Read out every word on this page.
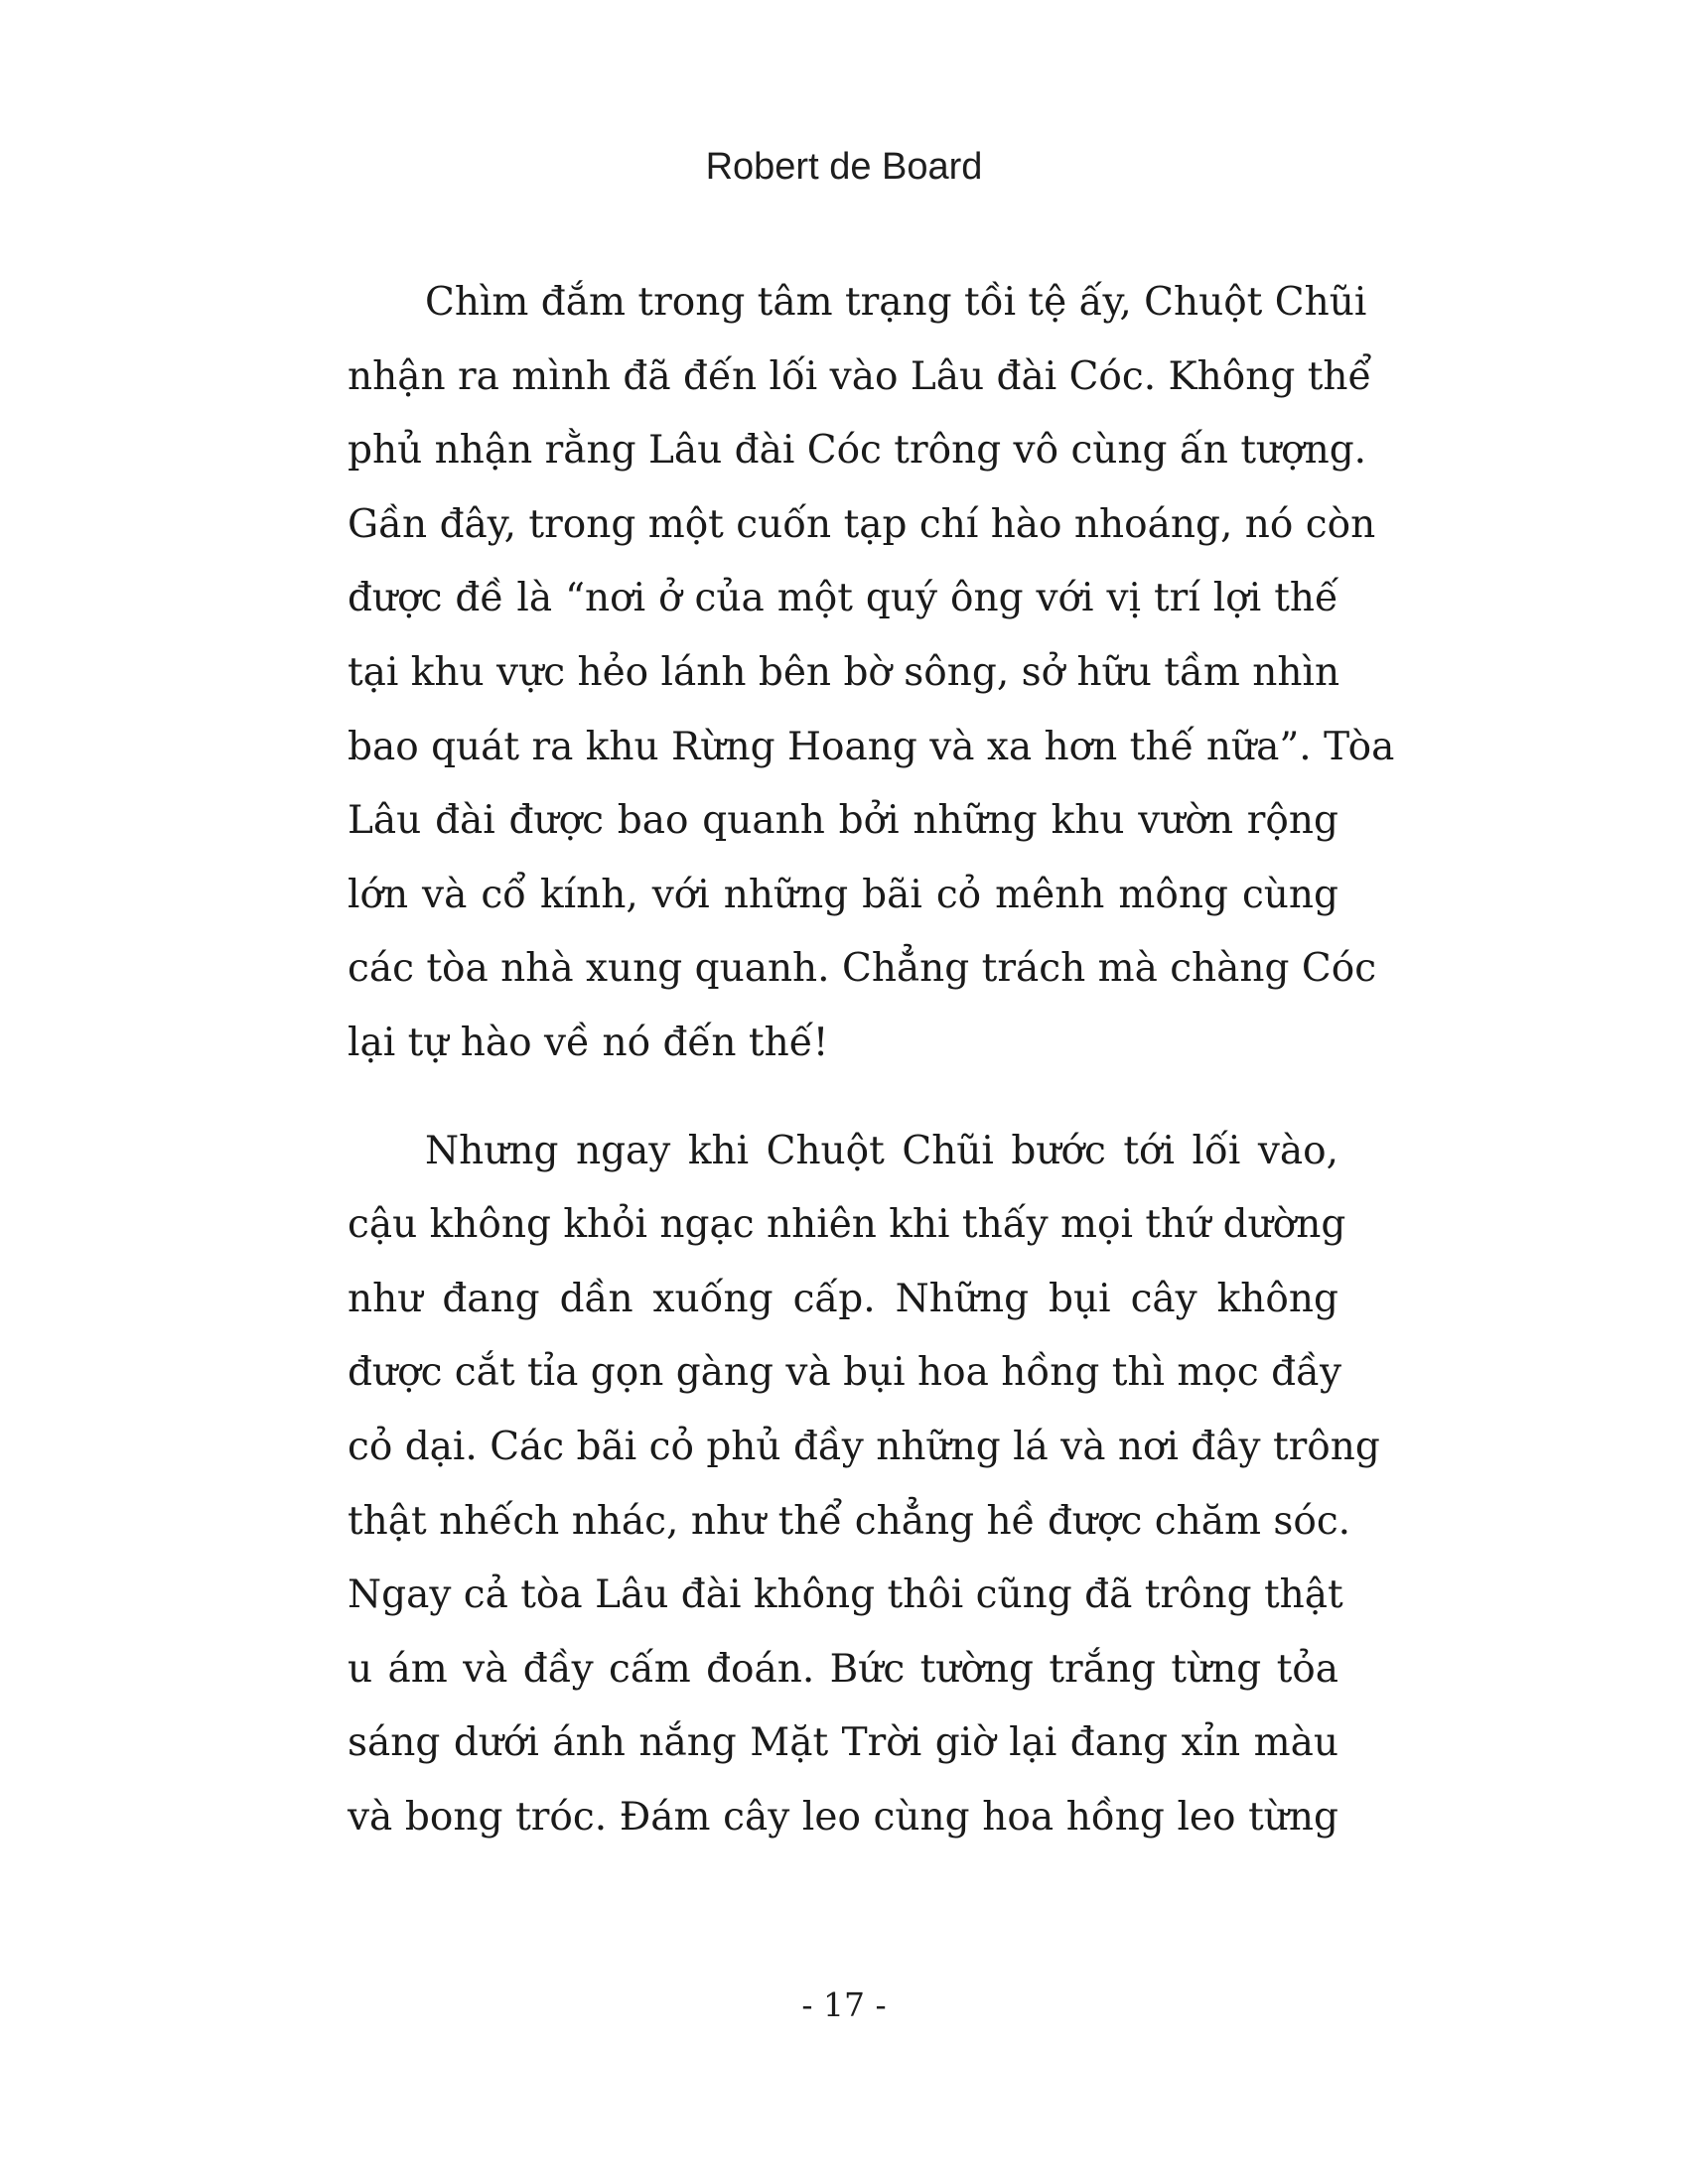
Robert de Board

Chìm đắm trong tâm trạng tồi tệ ấy, Chuột Chũi
nhận ra mình đã đến lối vào Lâu đài Cóc. Không thể
phủ nhận rằng Lâu đài Cóc trông vô cùng ấn tượng.
Gần đây, trong một cuốn tạp chí hào nhoáng, nó còn
được đề là “nơi ở của một quý ông với vị trí lợi thế
tại khu vực hẻo lánh bên bờ sông, sở hữu tầm nhìn
bao quát ra khu Rừng Hoang và xa hơn thế nữa”. Tòa
Lâu đài được bao quanh bởi những khu vườn rộng
lớn và cổ kính, với những bãi cỏ mênh mông cùng
các tòa nhà xung quanh. Chẳng trách mà chàng Cóc
lại tự hào về nó đến thế!

Nhưng ngay khi Chuột Chũi bước tới lối vào,
cậu không khỏi ngạc nhiên khi thấy mọi thứ dường
như đang dần xuống cấp. Những bụi cây không
được cắt tỉa gọn gàng và bụi hoa hồng thì mọc đầy
cỏ dại. Các bãi cỏ phủ đầy những lá và nơi đây trông
thật nhếch nhác, như thể chẳng hề được chăm sóc.
Ngay cả tòa Lâu đài không thôi cũng đã trông thật
u ám và đầy cấm đoán. Bức tường trắng từng tỏa
sáng dưới ánh nắng Mặt Trời giờ lại đang xỉn màu
và bong tróc. Đám cây leo cùng hoa hồng leo từng

- 17 -
